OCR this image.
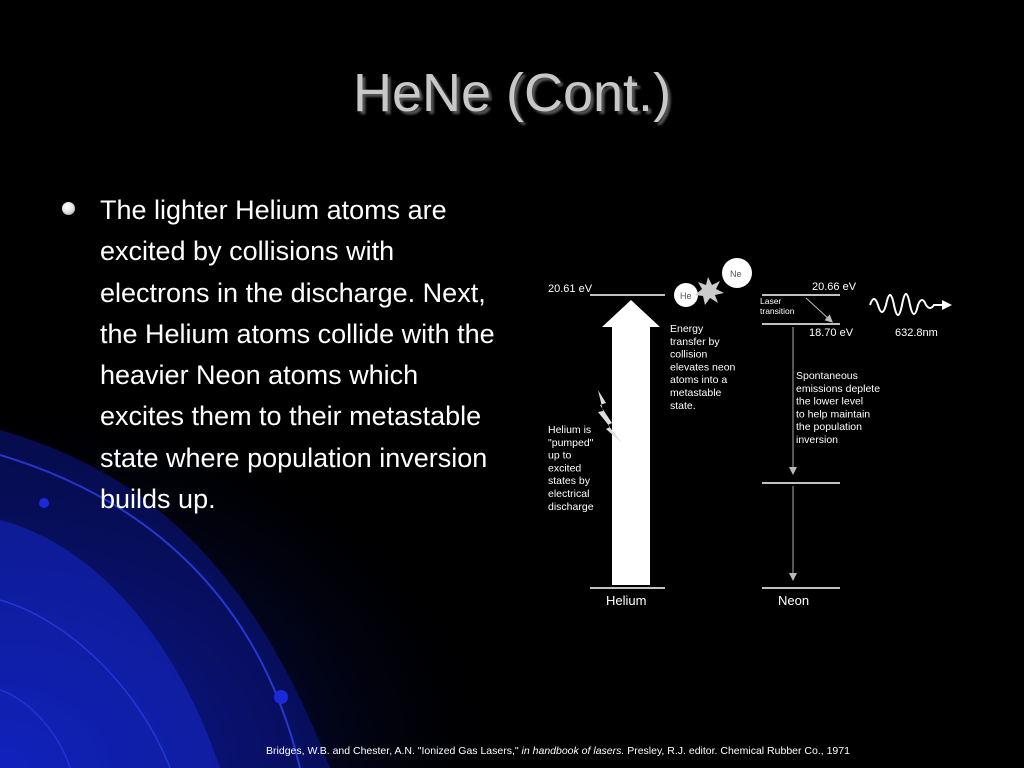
HeNe (Cont.)
The lighter Helium atoms are excited by collisions with electrons in the discharge. Next, the Helium atoms collide with the heavier Neon atoms which excites them to their metastable state where population inversion builds up.
20.61 eV	20.66 eV
18.70 eV	632.8nm
He
Ne
Helium	Neon
Laser transition
Energy transfer by collision elevates neon atoms into a metastable state.
Helium is "pumped" up to excited states by electrical discharge
Spontaneous emissions deplete the lower level to help maintain the population inversion
Bridges, W.B. and Chester, A.N. "Ionized Gas Lasers," in handbook of lasers. Presley, R.J. editor. Chemical Rubber Co., 1971
